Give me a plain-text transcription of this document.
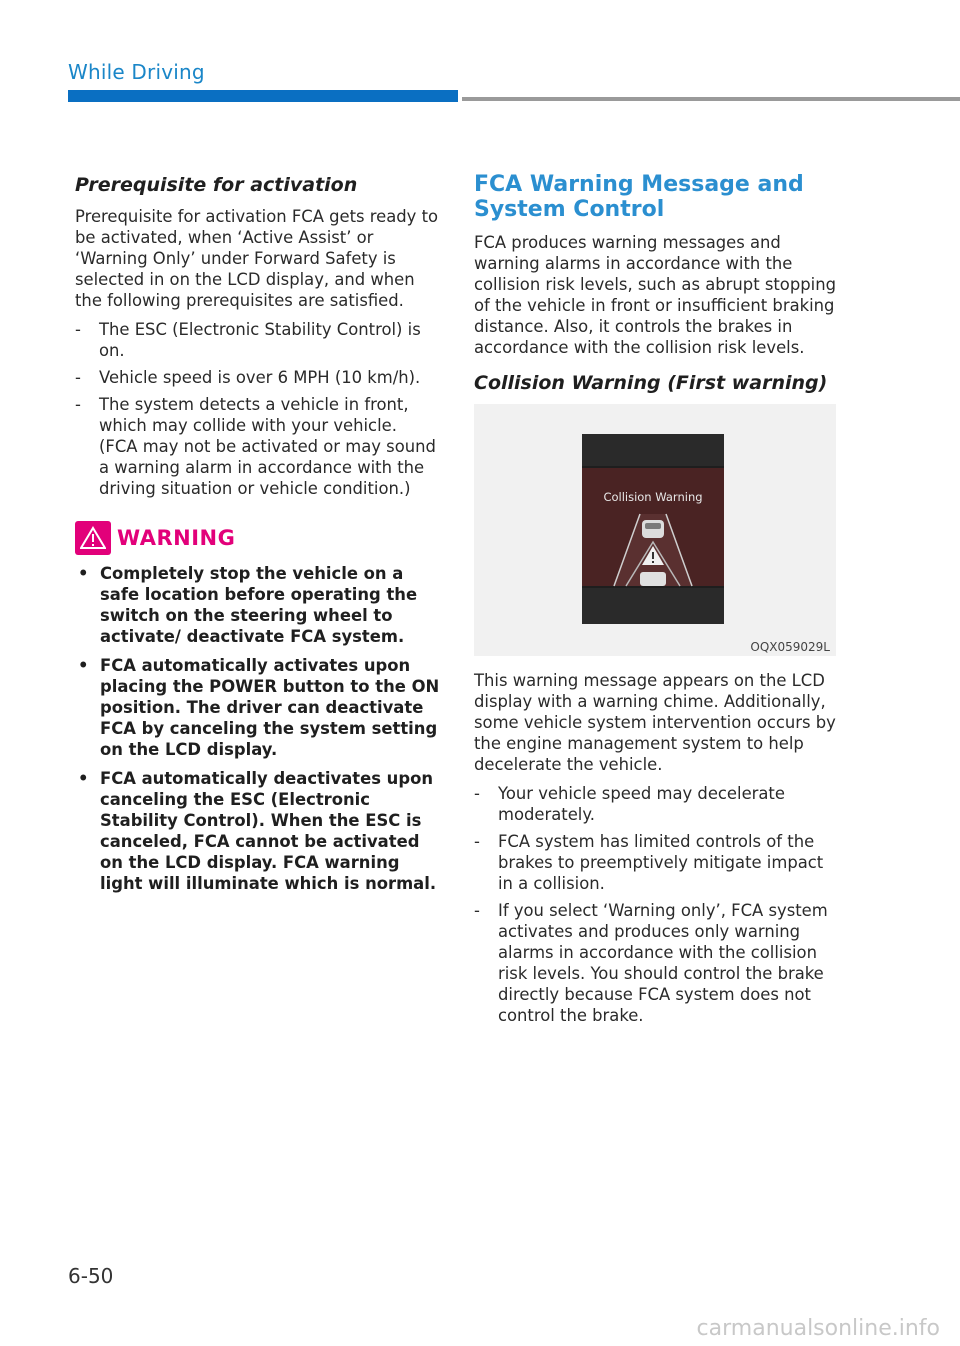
While Driving
Prerequisite for activation

Prerequisite for activation FCA gets ready to be activated, when ‘Active Assist’ or ‘Warning Only’ under Forward Safety is selected in on the LCD display, and when the following prerequisites are satisfied.

- The ESC (Electronic Stability Control) is on.
- Vehicle speed is over 6 MPH (10 km/h).
- The system detects a vehicle in front, which may collide with your vehicle. (FCA may not be activated or may sound a warning alarm in accordance with the driving situation or vehicle condition.)
WARNING
• Completely stop the vehicle on a safe location before operating the switch on the steering wheel to activate/ deactivate FCA system.
• FCA automatically activates upon placing the POWER button to the ON position. The driver can deactivate FCA by canceling the system setting on the LCD display.
• FCA automatically deactivates upon canceling the ESC (Electronic Stability Control). When the ESC is canceled, FCA cannot be activated on the LCD display. FCA warning light will illuminate which is normal.
FCA Warning Message and System Control

FCA produces warning messages and warning alarms in accordance with the collision risk levels, such as abrupt stopping of the vehicle in front or insufficient braking distance. Also, it controls the brakes in accordance with the collision risk levels.

Collision Warning (First warning)
Collision Warning
OQX059029L

This warning message appears on the LCD display with a warning chime. Additionally, some vehicle system intervention occurs by the engine management system to help decelerate the vehicle.

- Your vehicle speed may decelerate moderately.
- FCA system has limited controls of the brakes to preemptively mitigate impact in a collision.
- If you select ‘Warning only’, FCA system activates and produces only warning alarms in accordance with the collision risk levels. You should control the brake directly because FCA system does not control the brake.
6-50
carmanualsonline.info
